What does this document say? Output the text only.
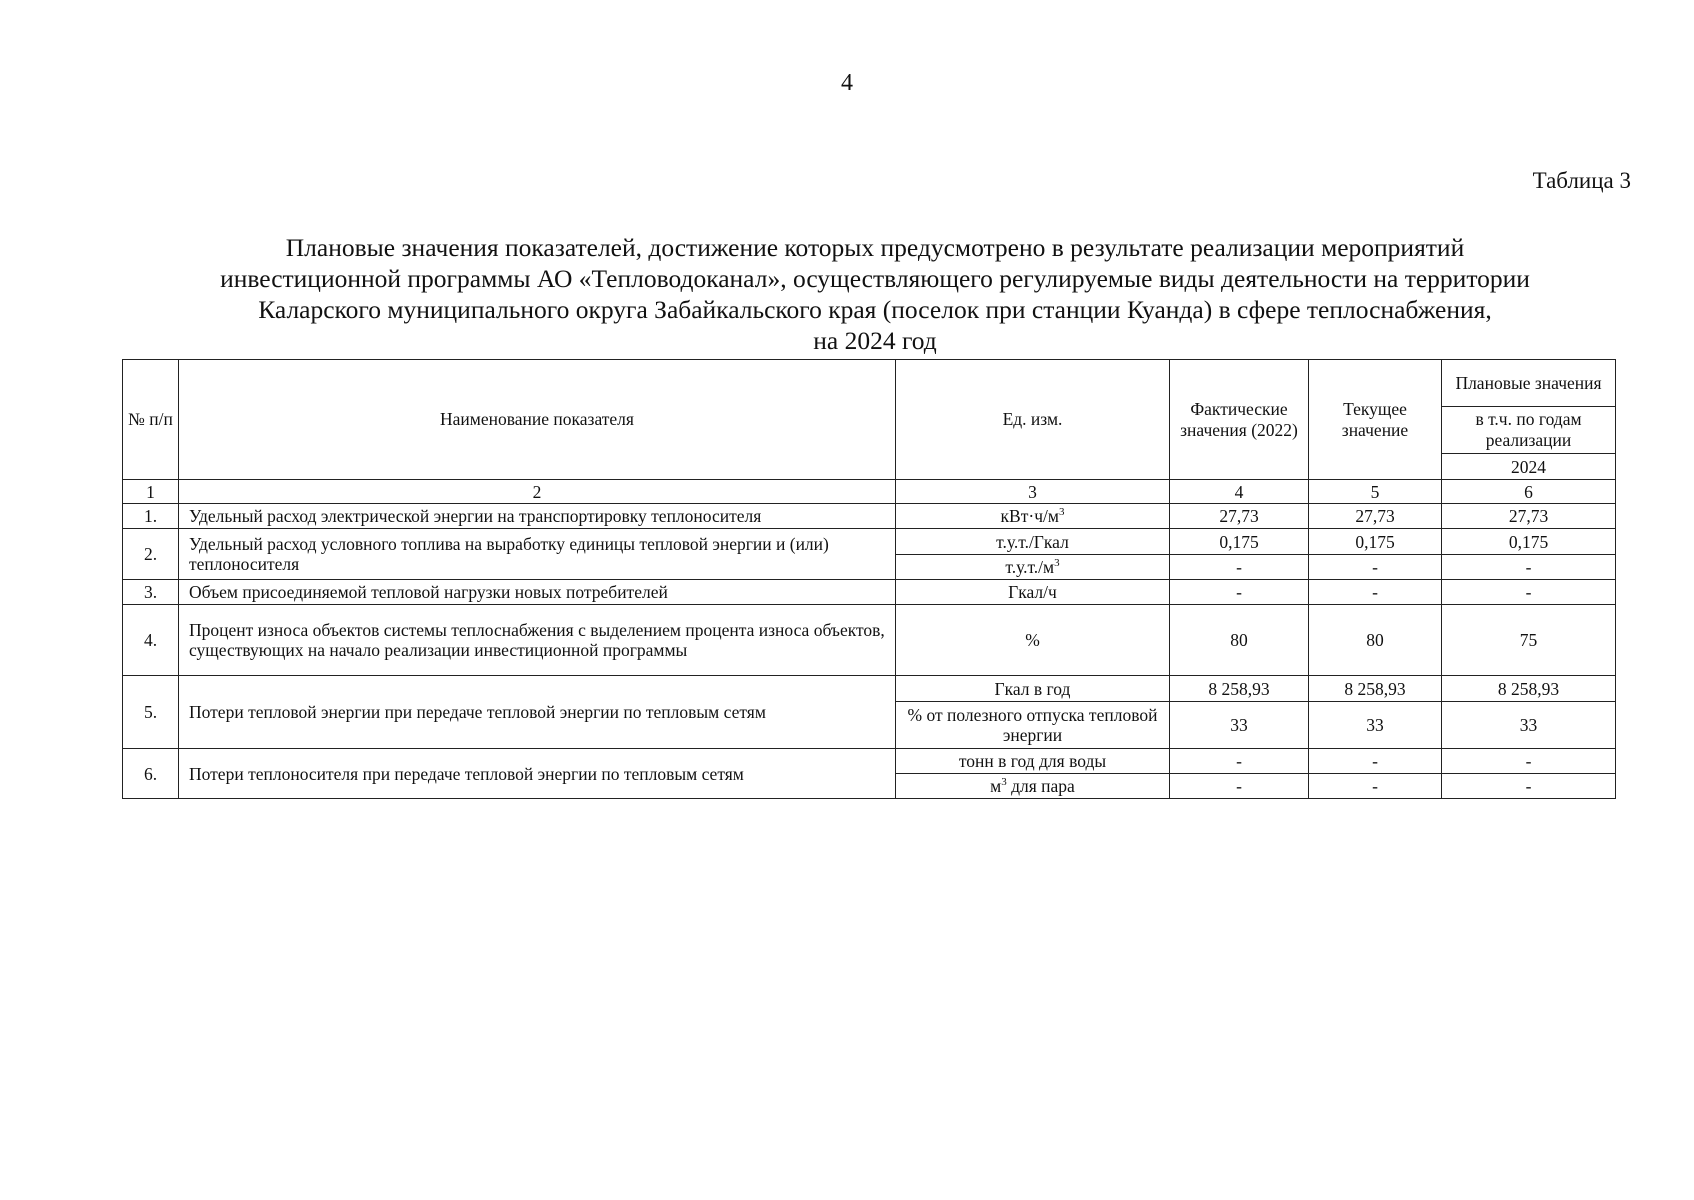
4
Таблица 3
Плановые значения показателей, достижение которых предусмотрено в результате реализации мероприятий
инвестиционной программы АО «Тепловодоканал», осуществляющего регулируемые виды деятельности на территории
Каларского муниципального округа Забайкальского края (поселок при станции Куанда) в сфере теплоснабжения,
на 2024 год
№ п/п	Наименование показателя	Ед. изм.	Фактические значения (2022)	Текущее значение	Плановые значения
					в т.ч. по годам реализации
					2024
1	2	3	4	5	6
1.	Удельный расход электрической энергии на транспортировку теплоносителя	$кВт\cdot ч/м^3$	27,73	27,73	27,73
2.	Удельный расход условного топлива на выработку единицы тепловой энергии и (или) теплоносителя	т.у.т./Гкал	0,175	0,175	0,175
		$т.у.т./м^3$	-	-	-
3.	Объем присоединяемой тепловой нагрузки новых потребителей	Гкал/ч	-	-	-
4.	Процент износа объектов системы теплоснабжения с выделением процента износа объектов, существующих на начало реализации инвестиционной программы	%	80	80	75
5.	Потери тепловой энергии при передаче тепловой энергии по тепловым сетям	Гкал в год	8 258,93	8 258,93	8 258,93
		% от полезного отпуска тепловой энергии	33	33	33
6.	Потери теплоносителя при передаче тепловой энергии по тепловым сетям	тонн в год для воды	-	-	-
		$м^3$ для пара	-	-	-
